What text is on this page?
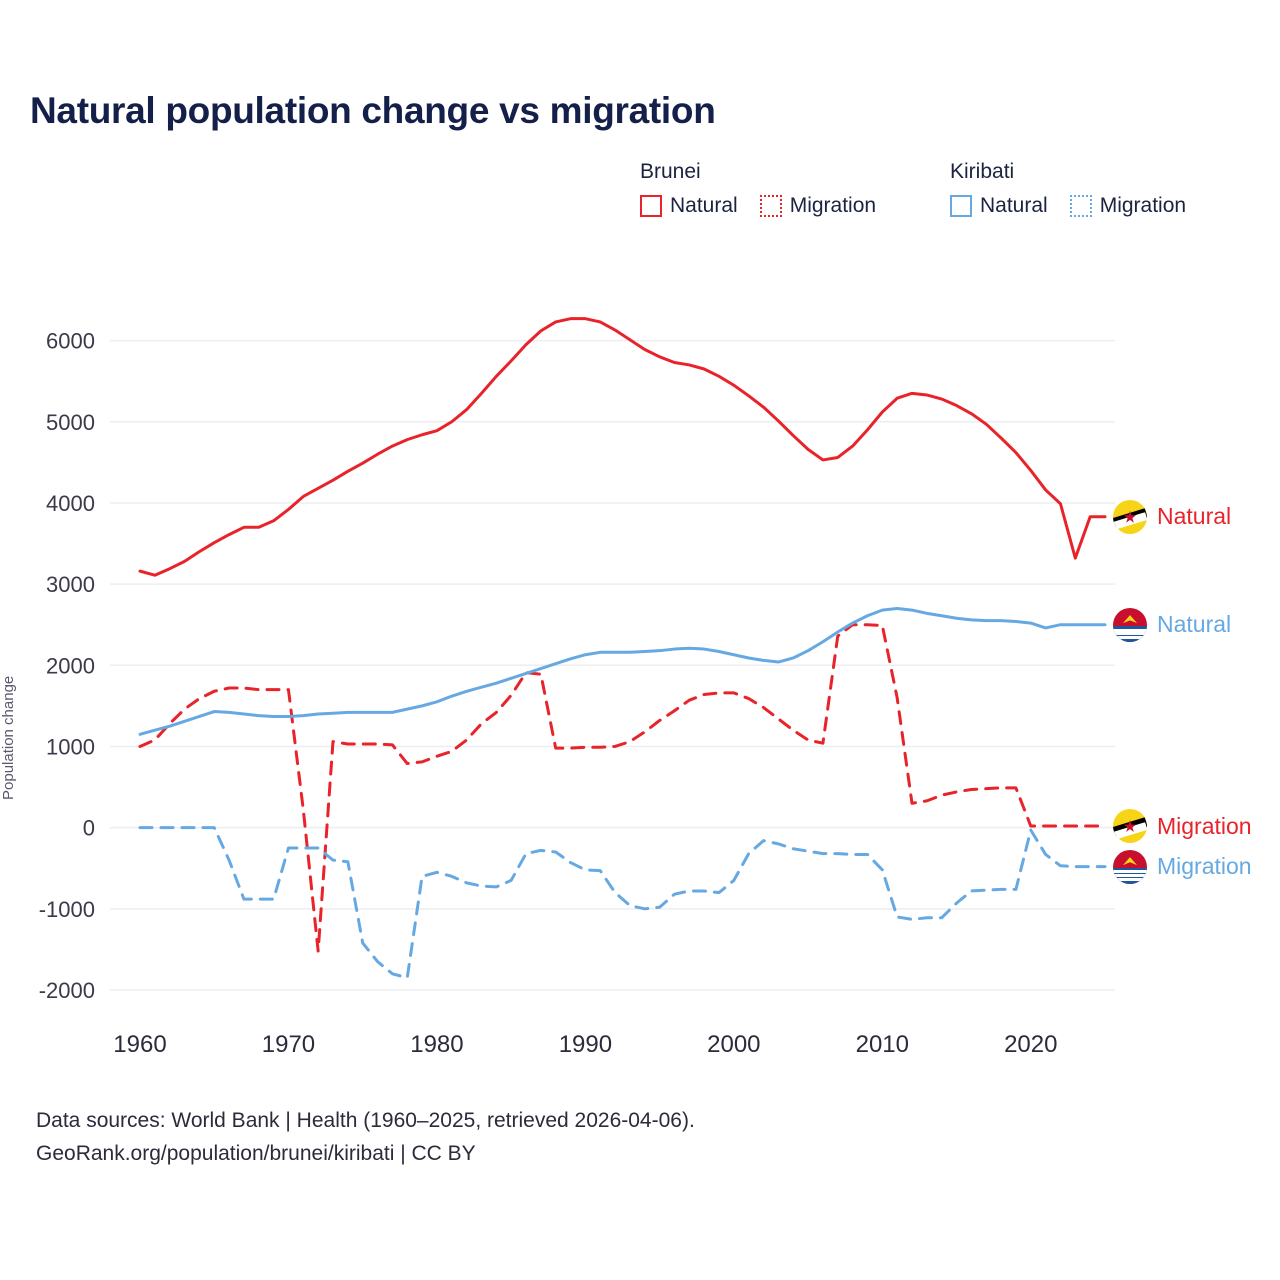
Natural population change vs migration
Brunei	Kiribati
Natural Migration	Natural Migration
Population change
-2000
-1000
0
1000
2000
3000
4000
5000
6000
1960	1970	1980	1990	2000	2010	2020
Natural
Natural
Migration
Migration
Data sources: World Bank | Health (1960–2025, retrieved 2026-04-06).
GeoRank.org/population/brunei/kiribati | CC BY
